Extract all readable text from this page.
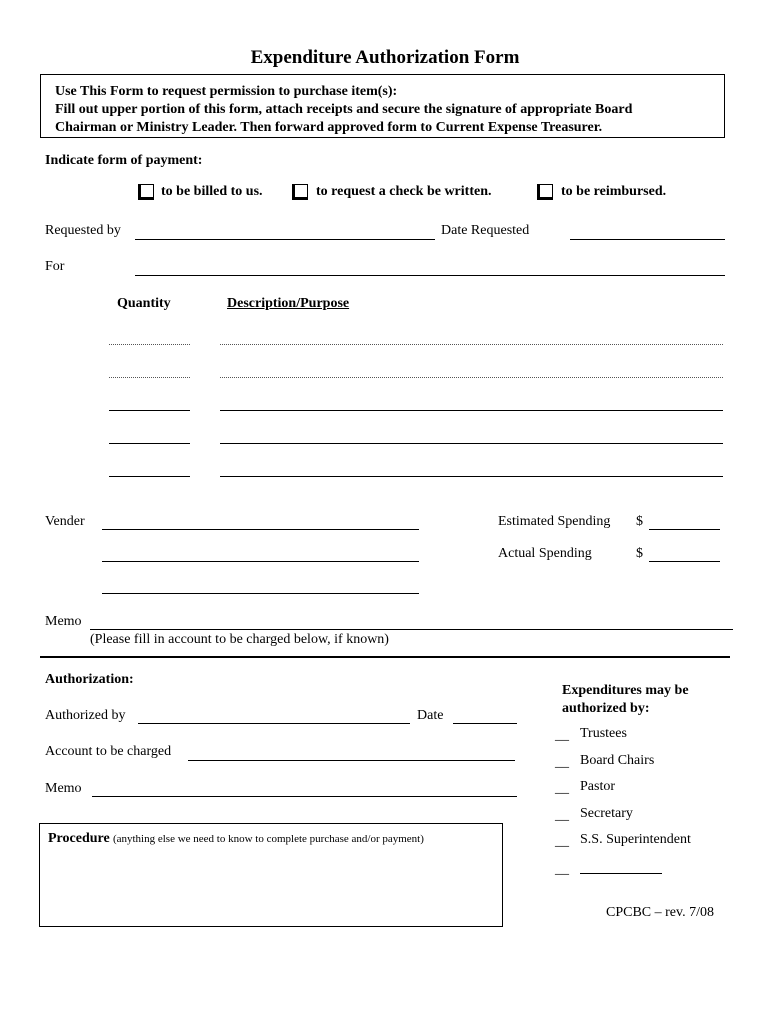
Expenditure Authorization Form
Use This Form to request permission to purchase item(s):
Fill out upper portion of this form, attach receipts and secure the signature of appropriate Board
Chairman or Ministry Leader. Then forward approved form to Current Expense Treasurer.
Indicate form of payment:
to be billed to us.	to request a check be written.	to be reimbursed.
Requested by	Date Requested
For
Quantity	Description/Purpose
Vender	Estimated Spending $
Actual Spending	$
Memo
(Please fill in account to be charged below, if known)
Authorization:
Authorized by	Date
Account to be charged
Memo
Procedure (anything else we need to know to complete purchase and/or payment)
Expenditures may be
authorized by:
__ Trustees
__ Board Chairs
__ Pastor
__ Secretary
__ S.S. Superintendent
__
CPCBC – rev. 7/08
